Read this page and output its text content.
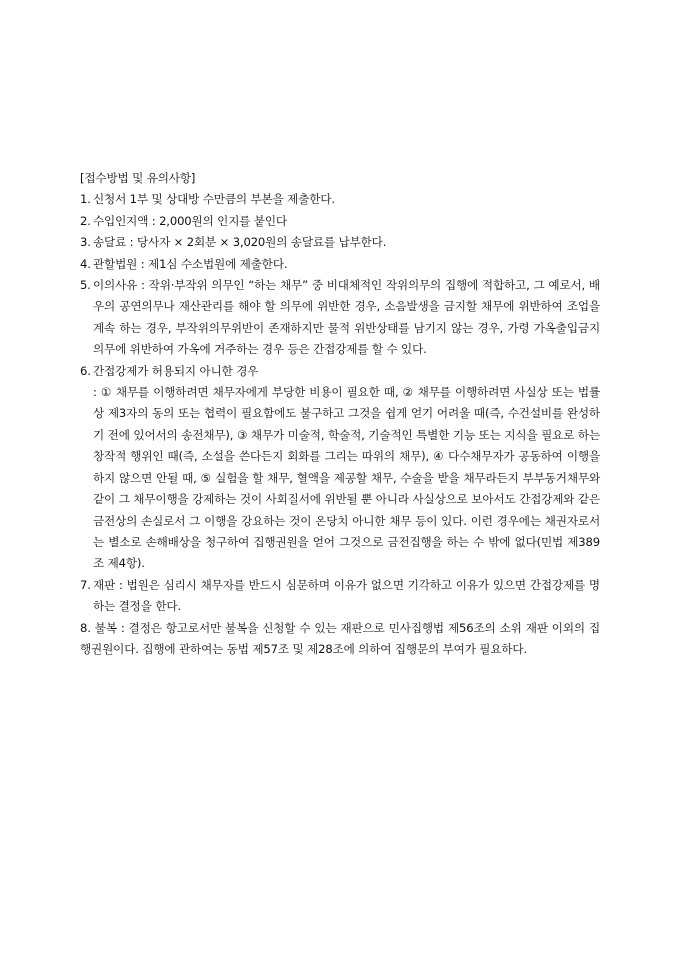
[접수방법 및 유의사항]

1. 신청서 1부 및 상대방 수만큼의 부본을 제출한다.
2. 수입인지액 : 2,000원의 인지를 붙인다
3. 송달료 : 당사자 × 2회분 × 3,020원의 송달료를 납부한다.
4. 관할법원 : 제1심 수소법원에 제출한다.
5. 이의사유 : 작위·부작위 의무인 “하는 채무” 중 비대체적인 작위의무의 집행에 적합하고, 그 예로서, 배우의 공연의무나 재산관리를 해야 할 의무에 위반한 경우, 소음발생을 금지할 채무에 위반하여 조업을 계속 하는 경우, 부작위의무위반이 존재하지만 물적 위반상태를 남기지 않는 경우, 가령 가옥출입금지 의무에 위반하여 가옥에 거주하는 경우 등은 간접강제를 할 수 있다.
6. 간접강제가 허용되지 아니한 경우
: ① 채무를 이행하려면 채무자에게 부당한 비용이 필요한 때, ② 채무를 이행하려면 사실상 또는 법률상 제3자의 동의 또는 협력이 필요함에도 불구하고 그것을 쉽게 얻기 어려울 때(즉, 수건설비를 완성하기 전에 있어서의 송전채무), ③ 채무가 미술적, 학술적, 기술적인 특별한 기능 또는 지식을 필요로 하는 창작적 행위인 때(즉, 소설을 쓴다든지 회화를 그리는 따위의 채무), ④ 다수채무자가 공동하여 이행을 하지 않으면 안될 때, ⑤ 실험을 할 채무, 혈액을 제공할 채무, 수술을 받을 채무라든지 부부동거채무와 같이 그 채무이행을 강제하는 것이 사회질서에 위반될 뿐 아니라 사실상으로 보아서도 간접강제와 같은 금전상의 손실로서 그 이행을 강요하는 것이 온당치 아니한 채무 등이 있다. 이런 경우에는 채권자로서는 별소로 손해배상을 청구하여 집행권원을 얻어 그것으로 금전집행을 하는 수 밖에 없다(민법 제389조 제4항).
7. 재판 : 법원은 심리시 채무자를 반드시 심문하며 이유가 없으면 기각하고 이유가 있으면 간접강제를 명하는 결정을 한다.
8. 불복 : 결정은 항고로서만 불복을 신청할 수 있는 재판으로 민사집행법 제56조의 소위 재판 이외의 집행권원이다. 집행에 관하여는 동법 제57조 및 제28조에 의하여 집행문의 부여가 필요하다.
